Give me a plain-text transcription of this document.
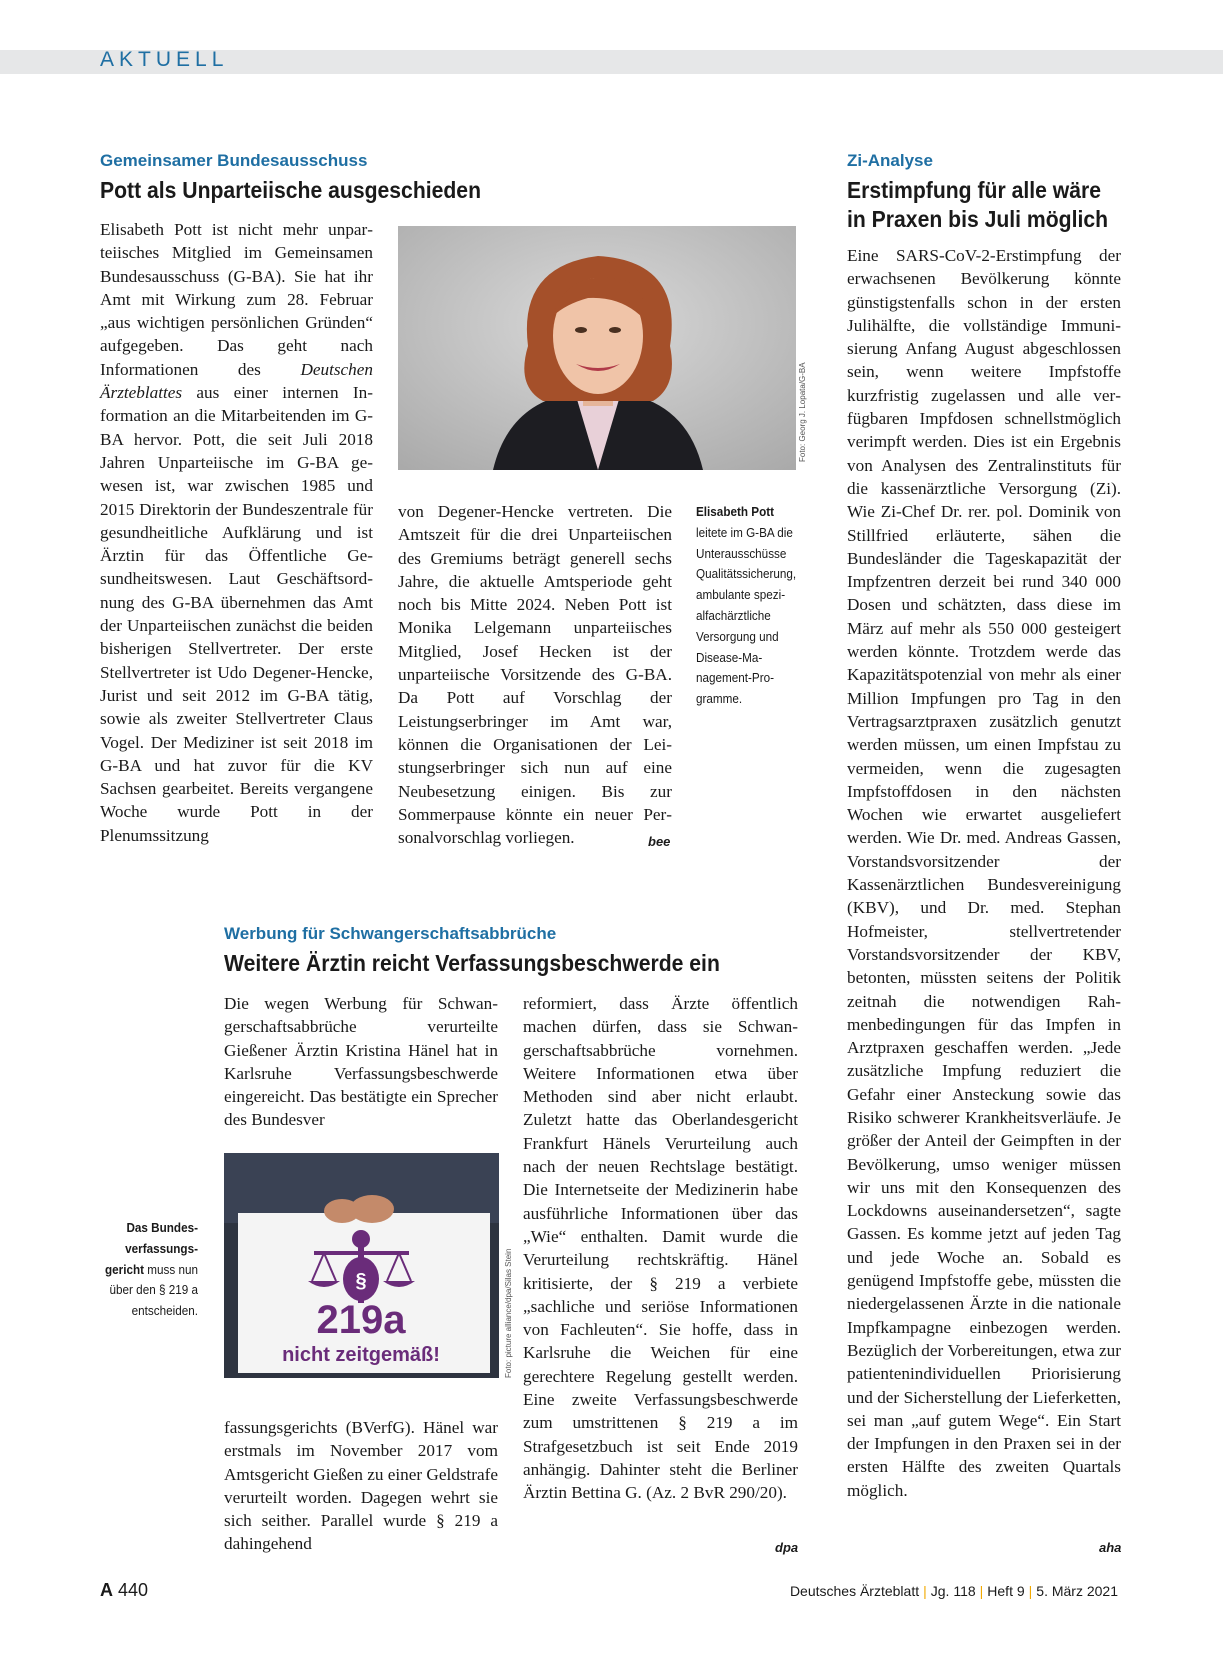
AKTUELL
Gemeinsamer Bundesausschuss
Pott als Unparteiische ausgeschieden
Elisabeth Pott ist nicht mehr unparteiisches Mitglied im Gemeinsamen Bundesausschuss (G-BA). Sie hat ihr Amt mit Wirkung zum 28. Februar „aus wichtigen persönlichen Gründen“ aufgegeben. Das geht nach Informationen des Deutschen Ärzteblattes aus einer internen Information an die Mitarbeitenden im G-BA hervor. Pott, die seit Juli 2018 Jahren Unparteiische im G-BA gewesen ist, war zwischen 1985 und 2015 Direktorin der Bundeszentrale für gesundheitliche Aufklärung und ist Ärztin für das Öffentliche Gesundheitswesen. Laut Geschäftsordnung des G-BA übernehmen das Amt der Unparteiischen zunächst die beiden bisherigen Stellvertreter. Der erste Stellvertreter ist Udo Degener-Hencke, Jurist und seit 2012 im G-BA tätig, sowie als zweiter Stellvertreter Claus Vogel. Der Mediziner ist seit 2018 im G-BA und hat zuvor für die KV Sachsen gearbeitet. Bereits vergangene Woche wurde Pott in der Plenumssitzung
Foto: Georg J. Lopata/G-BA
von Degener-Hencke vertreten. Die Amtszeit für die drei Unparteiischen des Gremiums beträgt generell sechs Jahre, die aktuelle Amtsperiode geht noch bis Mitte 2024. Neben Pott ist Monika Lelgemann unparteiisches Mitglied, Josef Hecken ist der unparteiische Vorsitzende des G-BA. Da Pott auf Vorschlag der Leistungserbringer im Amt war, können die Organisationen der Leistungserbringer sich nun auf eine Neubesetzung einigen. Bis zur Sommerpause könnte ein neuer Personalvorschlag vorliegen.	bee
Elisabeth Pott leitete im G-BA die Unterausschüsse Qualitätssicherung, ambulante spezialfachärztliche Versorgung und Disease-Management-Programme.
Werbung für Schwangerschaftsabbrüche
Weitere Ärztin reicht Verfassungsbeschwerde ein
Die wegen Werbung für Schwangerschaftsabbrüche verurteilte Gießener Ärztin Kristina Hänel hat in Karlsruhe Verfassungsbeschwerde eingereicht. Das bestätigte ein Sprecher des Bundesver
§
219a
nicht zeitgemäß!	Foto: picture alliance/dpa/Silas Stein
Das Bundesverfassungsgericht muss nun über den § 219 a entscheiden.
fassungsgerichts (BVerfG). Hänel war erstmals im November 2017 vom Amtsgericht Gießen zu einer Geldstrafe verurteilt worden. Dagegen wehrt sie sich seither. Parallel wurde § 219 a dahingehend
reformiert, dass Ärzte öffentlich machen dürfen, dass sie Schwangerschaftsabbrüche vornehmen. Weitere Informationen etwa über Methoden sind aber nicht erlaubt. Zuletzt hatte das Oberlandesgericht Frankfurt Hänels Verurteilung auch nach der neuen Rechtslage bestätigt. Die Internetseite der Medizinerin habe ausführliche Informationen über das „Wie“ enthalten. Damit wurde die Verurteilung rechtskräftig. Hänel kritisierte, der § 219 a verbiete „sachliche und seriöse Informationen von Fachleuten“. Sie hoffe, dass in Karlsruhe die Weichen für eine gerechtere Regelung gestellt werden. Eine zweite Verfassungsbeschwerde zum umstrittenen § 219 a im Strafgesetzbuch ist seit Ende 2019 anhängig. Dahinter steht die Berliner Ärztin Bettina G. (Az. 2 BvR 290/20).
dpa
Zi-Analyse
Erstimpfung für alle wäre
in Praxen bis Juli möglich
Eine SARS-CoV-2-Erstimpfung der erwachsenen Bevölkerung könnte günstigstenfalls schon in der ersten Julihälfte, die vollständige Immunisierung Anfang August abgeschlossen sein, wenn weitere Impfstoffe kurzfristig zugelassen und alle verfügbaren Impfdosen schnellstmöglich verimpft werden. Dies ist ein Ergebnis von Analysen des Zentralinstituts für die kassenärztliche Versorgung (Zi). Wie Zi-Chef Dr. rer. pol. Dominik von Stillfried erläuterte, sähen die Bundesländer die Tageskapazität der Impfzentren derzeit bei rund 340 000 Dosen und schätzten, dass diese im März auf mehr als 550 000 gesteigert werden könnte. Trotzdem werde das Kapazitätspotenzial von mehr als einer Million Impfungen pro Tag in den Vertragsarztpraxen zusätzlich genutzt werden müssen, um einen Impfstau zu vermeiden, wenn die zugesagten Impfstoffdosen in den nächsten Wochen wie erwartet ausgeliefert werden. Wie Dr. med. Andreas Gassen, Vorstandsvorsitzender der Kassenärztlichen Bundesvereinigung (KBV), und Dr. med. Stephan Hofmeister, stellvertretender Vorstandsvorsitzender der KBV, betonten, müssten seitens der Politik zeitnah die notwendigen Rahmenbedingungen für das Impfen in Arztpraxen geschaffen werden. „Jede zusätzliche Impfung reduziert die Gefahr einer Ansteckung sowie das Risiko schwerer Krankheitsverläufe. Je größer der Anteil der Geimpften in der Bevölkerung, umso weniger müssen wir uns mit den Konsequenzen des Lockdowns auseinandersetzen“, sagte Gassen. Es komme jetzt auf jeden Tag und jede Woche an. Sobald es genügend Impfstoffe gebe, müssten die niedergelassenen Ärzte in die nationale Impfkampagne einbezogen werden. Bezüglich der Vorbereitungen, etwa zur patientenindividuellen Priorisierung und der Sicherstellung der Lieferketten, sei man „auf gutem Wege“. Ein Start der Impfungen in den Praxen sei in der ersten Hälfte des zweiten Quartals möglich.
aha
A 440	Deutsches Ärzteblatt | Jg. 118 | Heft 9 | 5. März 2021
